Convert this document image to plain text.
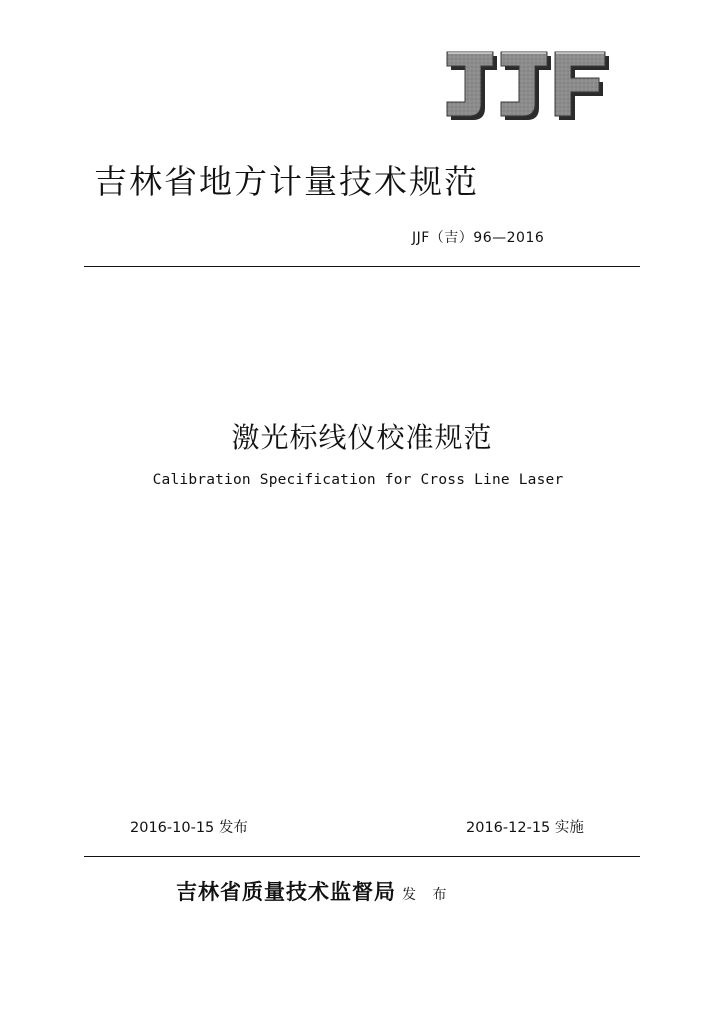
吉林省地方计量技术规范
JJF（吉）96—2016
激光标线仪校准规范
Calibration Specification for Cross Line Laser
2016-10-15 发布	2016-12-15 实施
吉林省质量技术监督局 发 布
